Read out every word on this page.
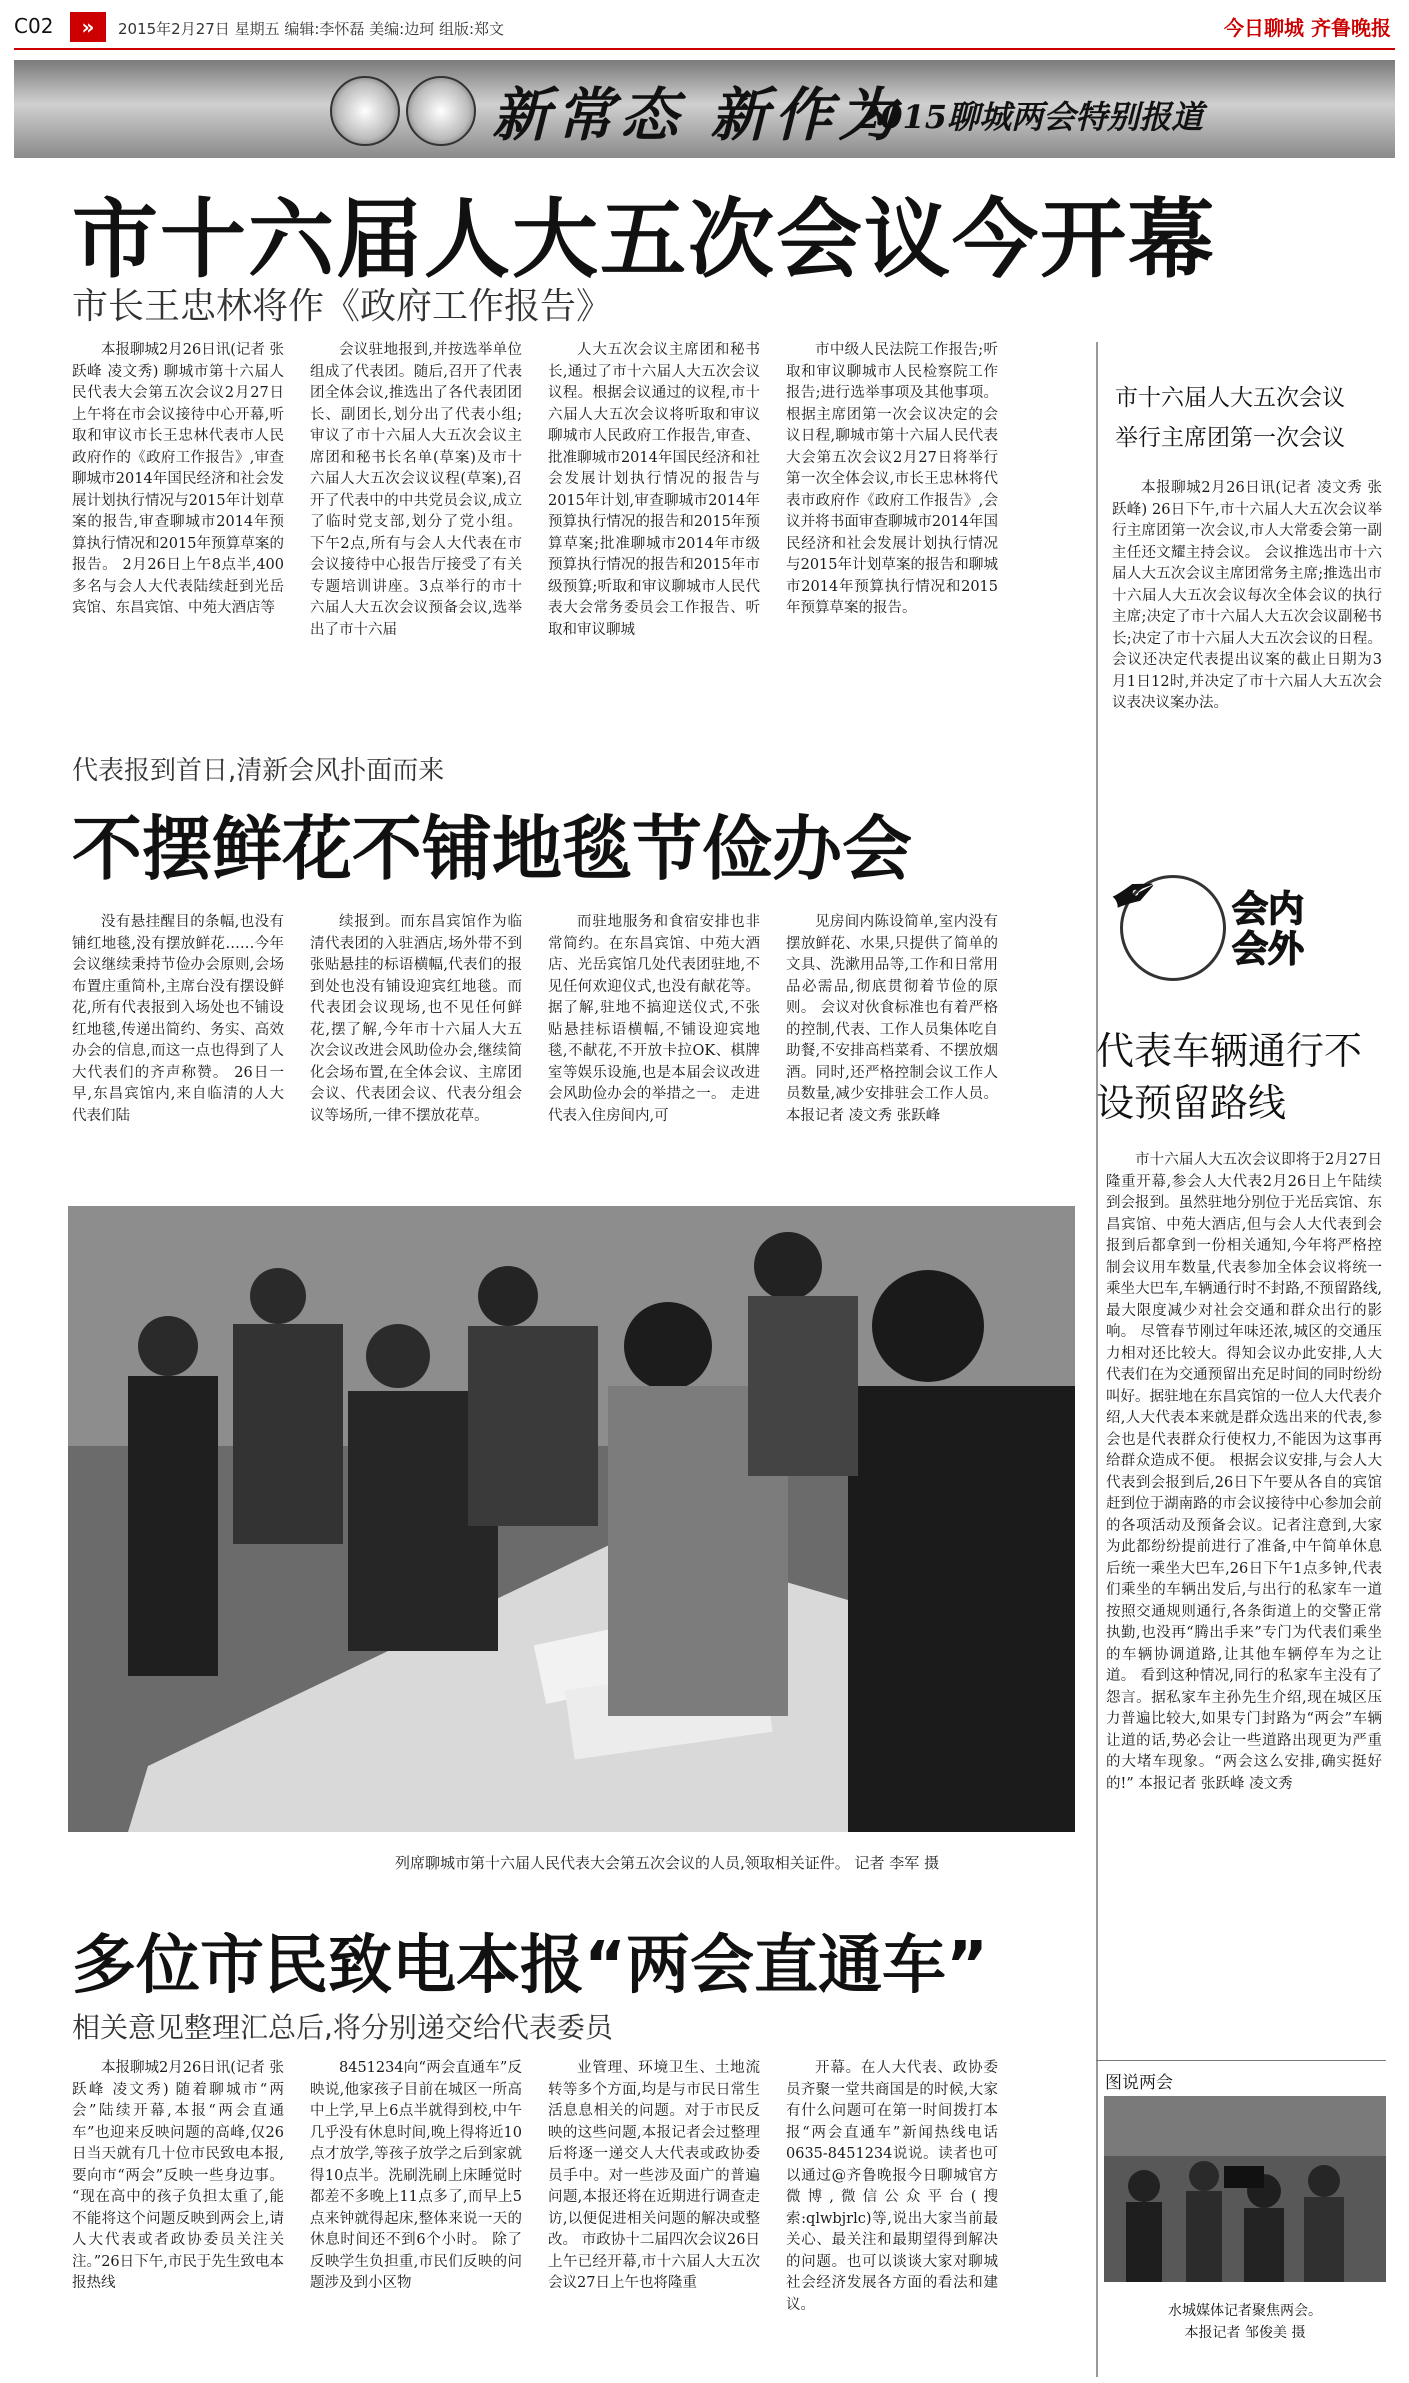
C02	»	2015年2月27日 星期五 编辑:李怀磊 美编:边珂 组版:郑文	今日聊城 齐鲁晚报
新常态 新作为
2015聊城两会特别报道
市十六届人大五次会议今开幕
市长王忠林将作《政府工作报告》

本报聊城2月26日讯(记者 张跃峰 凌文秀) 聊城市第十六届人民代表大会第五次会议2月27日上午将在市会议接待中心开幕,听取和审议市长王忠林代表市人民政府作的《政府工作报告》,审查聊城市2014年国民经济和社会发展计划执行情况与2015年计划草案的报告,审查聊城市2014年预算执行情况和2015年预算草案的报告。 2月26日上午8点半,400多名与会人大代表陆续赶到光岳宾馆、东昌宾馆、中苑大酒店等

会议驻地报到,并按选举单位组成了代表团。随后,召开了代表团全体会议,推选出了各代表团团长、副团长,划分出了代表小组;审议了市十六届人大五次会议主席团和秘书长名单(草案)及市十六届人大五次会议议程(草案),召开了代表中的中共党员会议,成立了临时党支部,划分了党小组。 下午2点,所有与会人大代表在市会议接待中心报告厅接受了有关专题培训讲座。3点举行的市十六届人大五次会议预备会议,选举出了市十六届

人大五次会议主席团和秘书长,通过了市十六届人大五次会议议程。根据会议通过的议程,市十六届人大五次会议将听取和审议聊城市人民政府工作报告,审查、批准聊城市2014年国民经济和社会发展计划执行情况的报告与2015年计划,审查聊城市2014年预算执行情况的报告和2015年预算草案;批准聊城市2014年市级预算执行情况的报告和2015年市级预算;听取和审议聊城市人民代表大会常务委员会工作报告、听取和审议聊城

市中级人民法院工作报告;听取和审议聊城市人民检察院工作报告;进行选举事项及其他事项。 根据主席团第一次会议决定的会议日程,聊城市第十六届人民代表大会第五次会议2月27日将举行第一次全体会议,市长王忠林将代表市政府作《政府工作报告》,会议并将书面审查聊城市2014年国民经济和社会发展计划执行情况与2015年计划草案的报告和聊城市2014年预算执行情况和2015年预算草案的报告。

市十六届人大五次会议举行主席团第一次会议

本报聊城2月26日讯(记者 凌文秀 张跃峰) 26日下午,市十六届人大五次会议举行主席团第一次会议,市人大常委会第一副主任还文耀主持会议。 会议推选出市十六届人大五次会议主席团常务主席;推选出市十六届人大五次会议每次全体会议的执行主席;决定了市十六届人大五次会议副秘书长;决定了市十六届人大五次会议的日程。 会议还决定代表提出议案的截止日期为3月1日12时,并决定了市十六届人大五次会议表决议案办法。

✒ 会内会外
代表车辆通行不设预留路线

市十六届人大五次会议即将于2月27日隆重开幕,参会人大代表2月26日上午陆续到会报到。虽然驻地分别位于光岳宾馆、东昌宾馆、中苑大酒店,但与会人大代表到会报到后都拿到一份相关通知,今年将严格控制会议用车数量,代表参加全体会议将统一乘坐大巴车,车辆通行时不封路,不预留路线,最大限度减少对社会交通和群众出行的影响。 尽管春节刚过年味还浓,城区的交通压力相对还比较大。得知会议办此安排,人大代表们在为交通预留出充足时间的同时纷纷叫好。据驻地在东昌宾馆的一位人大代表介绍,人大代表本来就是群众选出来的代表,参会也是代表群众行使权力,不能因为这事再给群众造成不便。 根据会议安排,与会人大代表到会报到后,26日下午要从各自的宾馆赶到位于湖南路的市会议接待中心参加会前的各项活动及预备会议。记者注意到,大家为此都纷纷提前进行了准备,中午简单休息后统一乘坐大巴车,26日下午1点多钟,代表们乘坐的车辆出发后,与出行的私家车一道按照交通规则通行,各条街道上的交警正常执勤,也没再“腾出手来”专门为代表们乘坐的车辆协调道路,让其他车辆停车为之让道。 看到这种情况,同行的私家车主没有了怨言。据私家车主孙先生介绍,现在城区压力普遍比较大,如果专门封路为“两会”车辆让道的话,势必会让一些道路出现更为严重的大堵车现象。“两会这么安排,确实挺好的!” 本报记者 张跃峰 凌文秀

代表报到首日,清新会风扑面而来
不摆鲜花不铺地毯节俭办会

没有悬挂醒目的条幅,也没有铺红地毯,没有摆放鲜花……今年会议继续秉持节俭办会原则,会场布置庄重简朴,主席台没有摆设鲜花,所有代表报到入场处也不铺设红地毯,传递出简约、务实、高效办会的信息,而这一点也得到了人大代表们的齐声称赞。 26日一早,东昌宾馆内,来自临清的人大代表们陆

续报到。而东昌宾馆作为临清代表团的入驻酒店,场外带不到张贴悬挂的标语横幅,代表们的报到处也没有铺设迎宾红地毯。而代表团会议现场,也不见任何鲜花,摆了解,今年市十六届人大五次会议改进会风助俭办会,继续简化会场布置,在全体会议、主席团会议、代表团会议、代表分组会议等场所,一律不摆放花草。

而驻地服务和食宿安排也非常简约。在东昌宾馆、中苑大酒店、光岳宾馆几处代表团驻地,不见任何欢迎仪式,也没有献花等。据了解,驻地不搞迎送仪式,不张贴悬挂标语横幅,不铺设迎宾地毯,不献花,不开放卡拉OK、棋牌室等娱乐设施,也是本届会议改进会风助俭办会的举措之一。 走进代表入住房间内,可

见房间内陈设简单,室内没有摆放鲜花、水果,只提供了简单的文具、洗漱用品等,工作和日常用品必需品,彻底贯彻着节俭的原则。 会议对伙食标准也有着严格的控制,代表、工作人员集体吃自助餐,不安排高档菜肴、不摆放烟酒。同时,还严格控制会议工作人员数量,减少安排驻会工作人员。 本报记者 凌文秀 张跃峰

列席聊城市第十六届人民代表大会第五次会议的人员,领取相关证件。 记者 李军 摄
多位市民致电本报“两会直通车”
相关意见整理汇总后,将分别递交给代表委员

本报聊城2月26日讯(记者 张跃峰 凌文秀) 随着聊城市“两会”陆续开幕,本报“两会直通车”也迎来反映问题的高峰,仅26日当天就有几十位市民致电本报,要向市“两会”反映一些身边事。 “现在高中的孩子负担太重了,能不能将这个问题反映到两会上,请人大代表或者政协委员关注关注。”26日下午,市民于先生致电本报热线

8451234向“两会直通车”反映说,他家孩子目前在城区一所高中上学,早上6点半就得到校,中午几乎没有休息时间,晚上得将近10点才放学,等孩子放学之后到家就得10点半。洗刷洗刷上床睡觉时都差不多晚上11点多了,而早上5点来钟就得起床,整体来说一天的休息时间还不到6个小时。 除了反映学生负担重,市民们反映的问题涉及到小区物

业管理、环境卫生、土地流转等多个方面,均是与市民日常生活息息相关的问题。对于市民反映的这些问题,本报记者会过整理后将逐一递交人大代表或政协委员手中。对一些涉及面广的普遍问题,本报还将在近期进行调查走访,以便促进相关问题的解决或整改。 市政协十二届四次会议26日上午已经开幕,市十六届人大五次会议27日上午也将隆重

开幕。在人大代表、政协委员齐聚一堂共商国是的时候,大家有什么问题可在第一时间拨打本报“两会直通车”新闻热线电话0635-8451234说说。读者也可以通过@齐鲁晚报今日聊城官方微博,微信公众平台(搜索:qlwbjrlc)等,说出大家当前最关心、最关注和最期望得到解决的问题。也可以谈谈大家对聊城社会经济发展各方面的看法和建议。

图说两会
水城媒体记者聚焦两会。
本报记者 邹俊美 摄
